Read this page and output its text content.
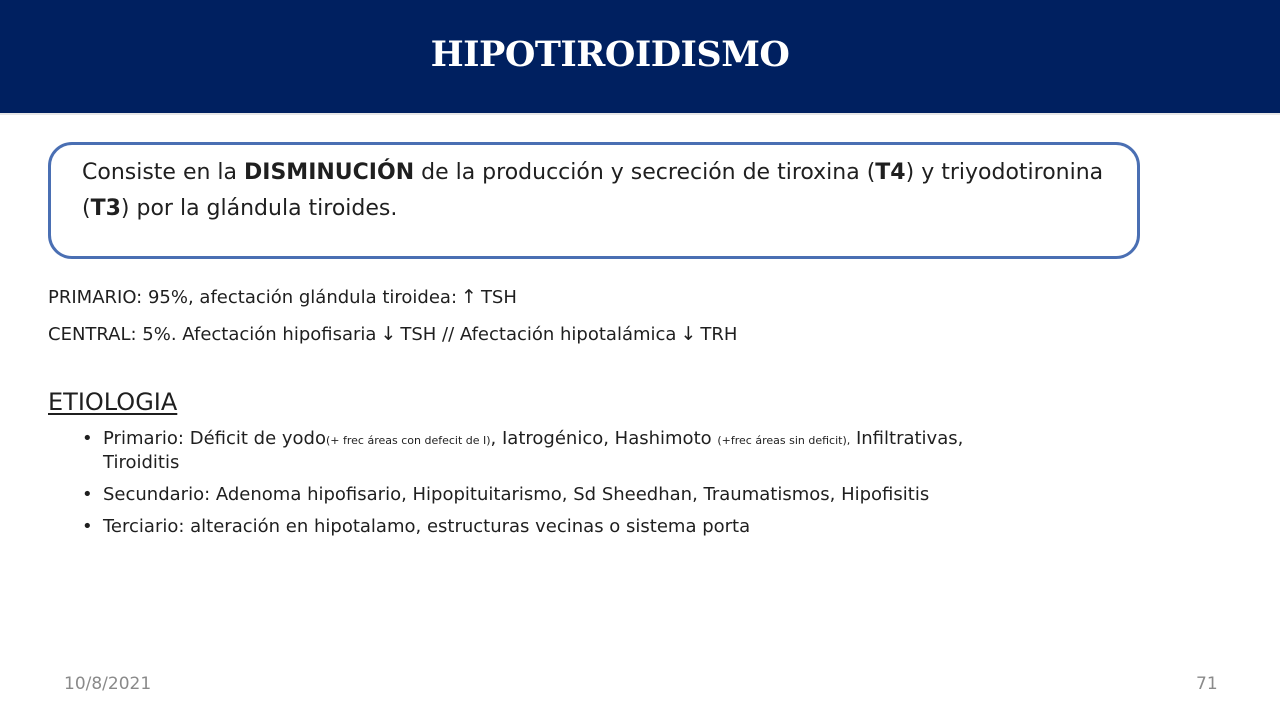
HIPOTIROIDISMO
Consiste en la DISMINUCIÓN de la producción y secreción de tiroxina (T4) y triyodotironina (T3) por la glándula tiroides.
PRIMARIO: 95%, afectación glándula tiroidea: ↑ TSH
CENTRAL: 5%. Afectación hipofisaria ↓ TSH // Afectación hipotalámica ↓ TRH
ETIOLOGIA
• Primario: Déficit de yodo(+ frec áreas con defecit de I), Iatrogénico, Hashimoto (+frec áreas sin deficit), Infiltrativas, Tiroiditis
• Secundario: Adenoma hipofisario, Hipopituitarismo, Sd Sheedhan, Traumatismos, Hipofisitis
• Terciario: alteración en hipotalamo, estructuras vecinas o sistema porta
10/8/2021	71
